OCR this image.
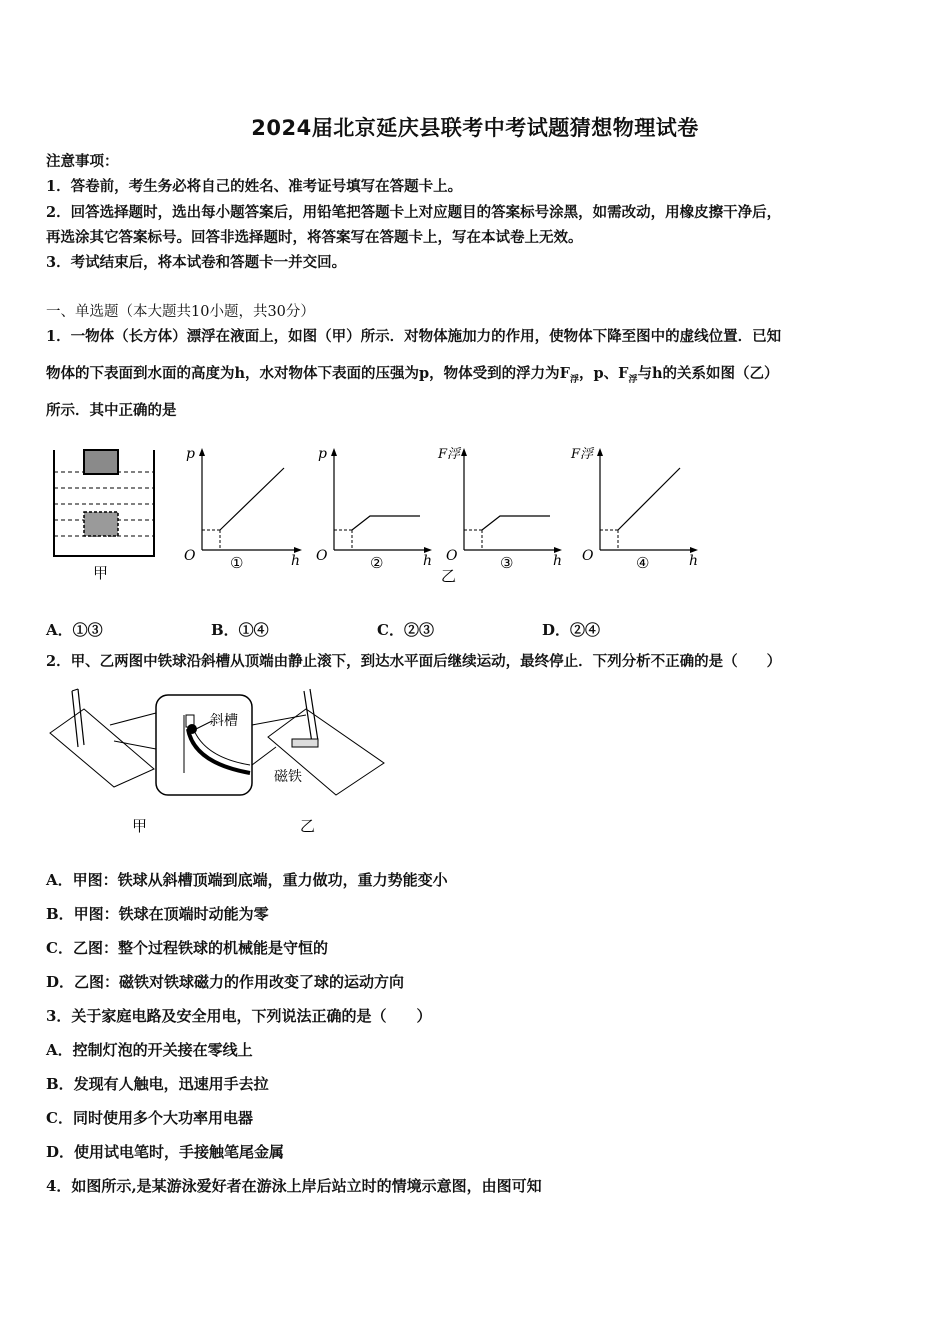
2024届北京延庆县联考中考试题猜想物理试卷
注意事项：
1．答卷前，考生务必将自己的姓名、准考证号填写在答题卡上。
2．回答选择题时，选出每小题答案后，用铅笔把答题卡上对应题目的答案标号涂黑，如需改动，用橡皮擦干净后，
再选涂其它答案标号。回答非选择题时，将答案写在答题卡上，写在本试卷上无效。
3．考试结束后，将本试卷和答题卡一并交回。
一、单选题（本大题共10小题，共30分）
1．一物体（长方体）漂浮在液面上，如图（甲）所示．对物体施加力的作用，使物体下降至图中的虚线位置．已知
物体的下表面到水面的高度为h，水对物体下表面的压强为p，物体受到的浮力为$F_浮$，p、$F_浮$与h的关系如图（乙）
所示．其中正确的是
甲
p
O	h
①
p
O	h
②
F浮
O	h
③
乙
F浮
O	h
④
A．①③	B．①④	C．②③	D．②④
2．甲、乙两图中铁球沿斜槽从顶端由静止滚下，到达水平面后继续运动，最终停止．下列分析不正确的是（　　）
斜槽
磁铁
甲	乙
A．甲图：铁球从斜槽顶端到底端，重力做功，重力势能变小
B．甲图：铁球在顶端时动能为零
C．乙图：整个过程铁球的机械能是守恒的
D．乙图：磁铁对铁球磁力的作用改变了球的运动方向
3．关于家庭电路及安全用电，下列说法正确的是（　　）
A．控制灯泡的开关接在零线上
B．发现有人触电，迅速用手去拉
C．同时使用多个大功率用电器
D．使用试电笔时，手接触笔尾金属
4．如图所示,是某游泳爱好者在游泳上岸后站立时的情境示意图，由图可知
